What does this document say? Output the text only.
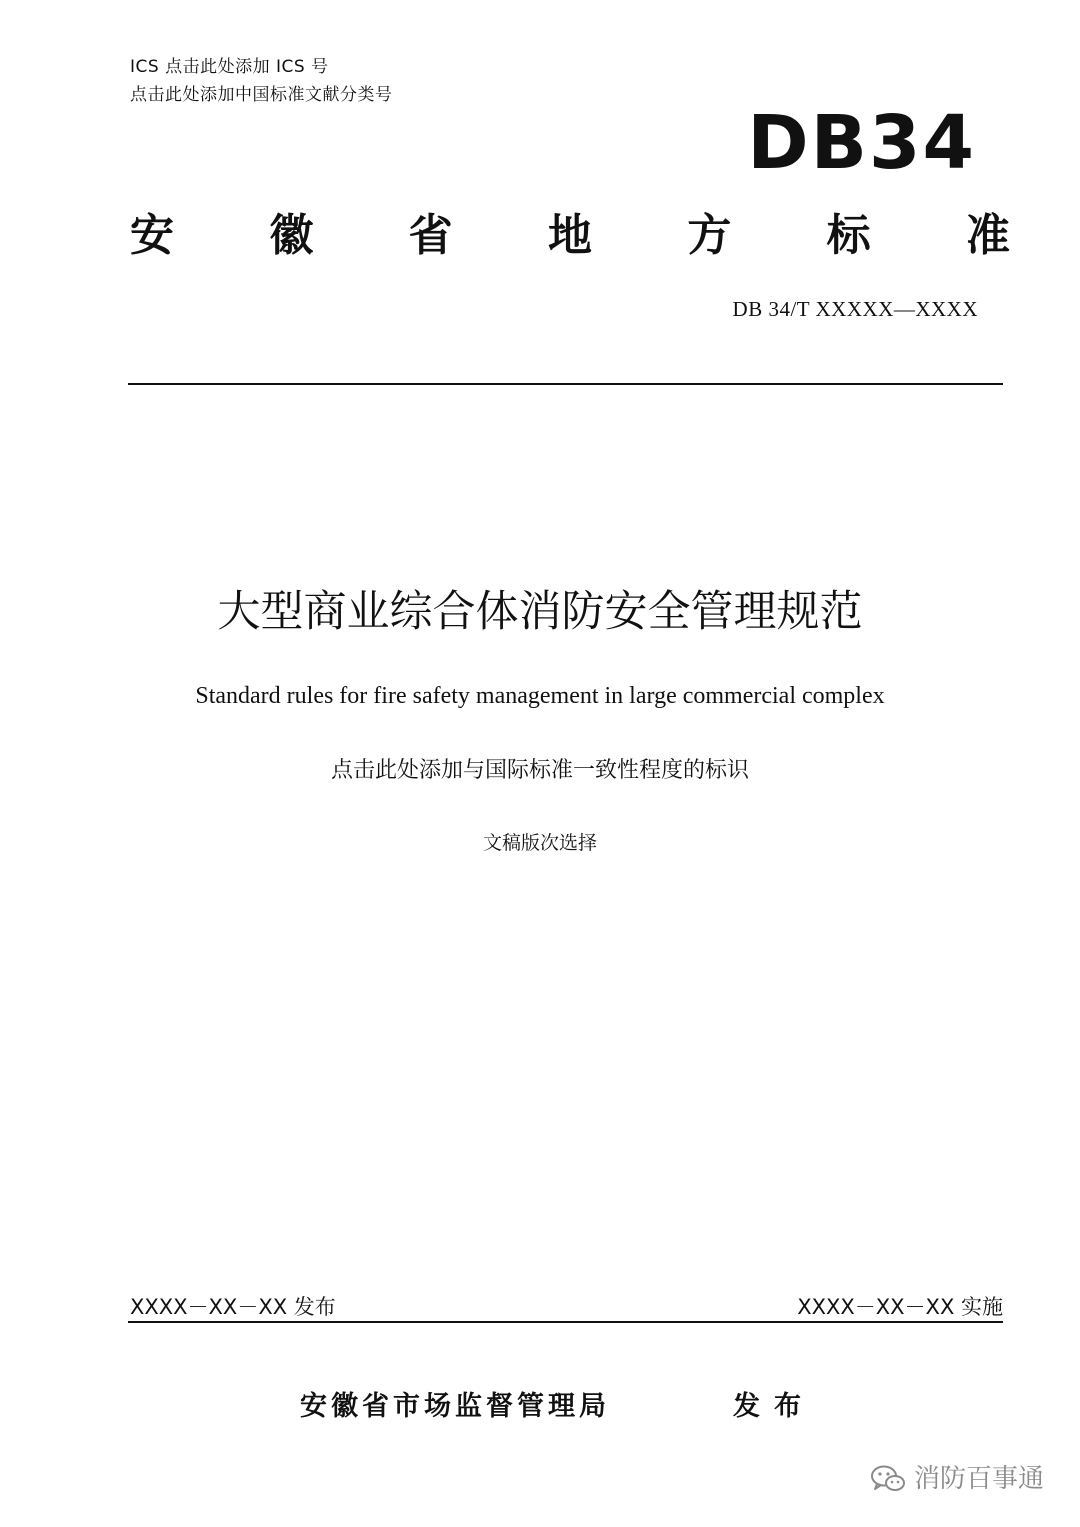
ICS 点击此处添加 ICS 号
点击此处添加中国标准文献分类号
DB34
安 徽 省 地 方 标 准
DB 34/T XXXXX—XXXX
大型商业综合体消防安全管理规范
Standard rules for fire safety management in large commercial complex
点击此处添加与国际标准一致性程度的标识
文稿版次选择
XXXX－XX－XX 发布	XXXX－XX－XX 实施
安徽省市场监督管理局	发布
消防百事通
